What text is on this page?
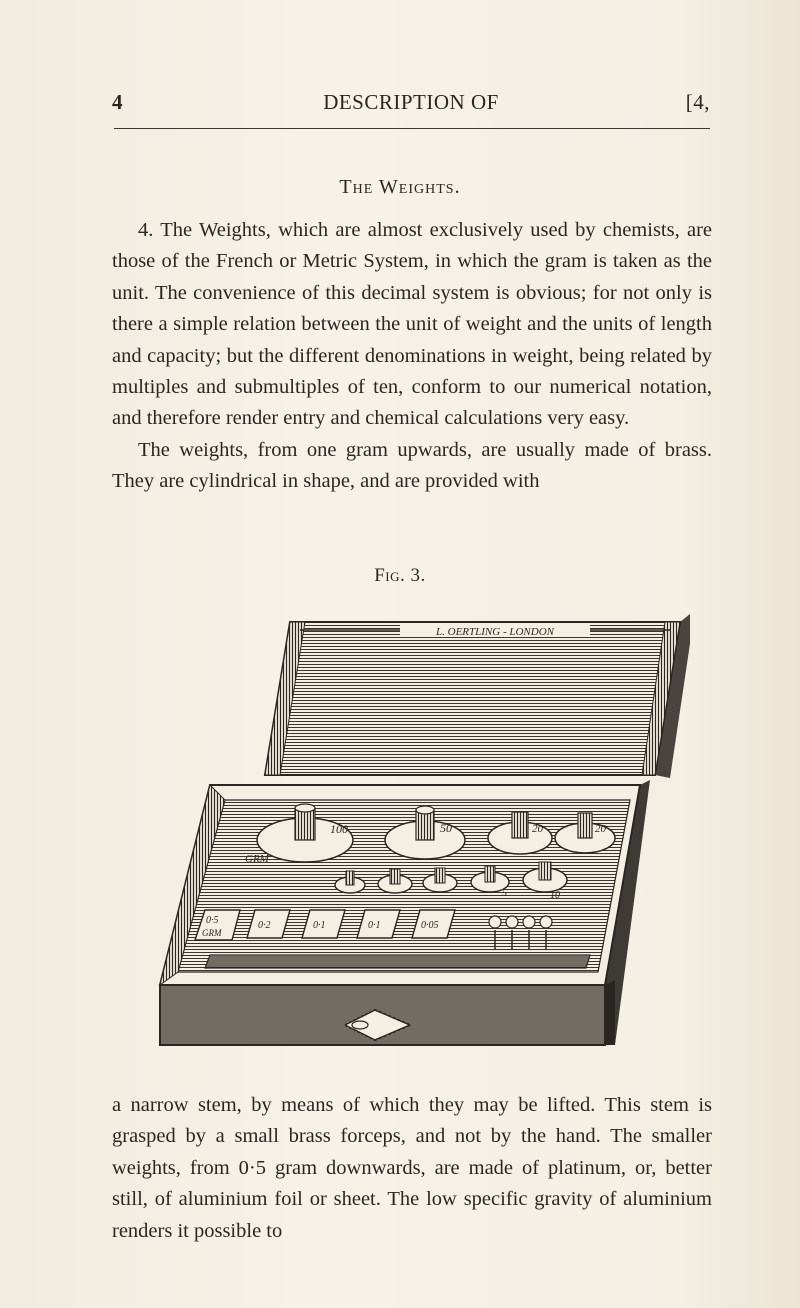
4	DESCRIPTION OF	[4,
The Weights.
4. The Weights, which are almost exclusively used by chemists, are those of the French or Metric System, in which the gram is taken as the unit. The convenience of this decimal system is obvious; for not only is there a simple relation between the unit of weight and the units of length and capacity; but the different denominations in weight, being related by multiples and submultiples of ten, conform to our numerical notation, and therefore render entry and chemical calculations very easy.
The weights, from one gram upwards, are usually made of brass. They are cylindrical in shape, and are provided with
Fig. 3.
L. OERTLING - LONDON
100	50	20	20
GRM
10
5
0·5
GRM
0·2	0·1	0·1	0·05

a narrow stem, by means of which they may be lifted. This stem is grasped by a small brass forceps, and not by the hand. The smaller weights, from 0·5 gram downwards, are made of platinum, or, better still, of aluminium foil or sheet. The low specific gravity of aluminium renders it possible to
